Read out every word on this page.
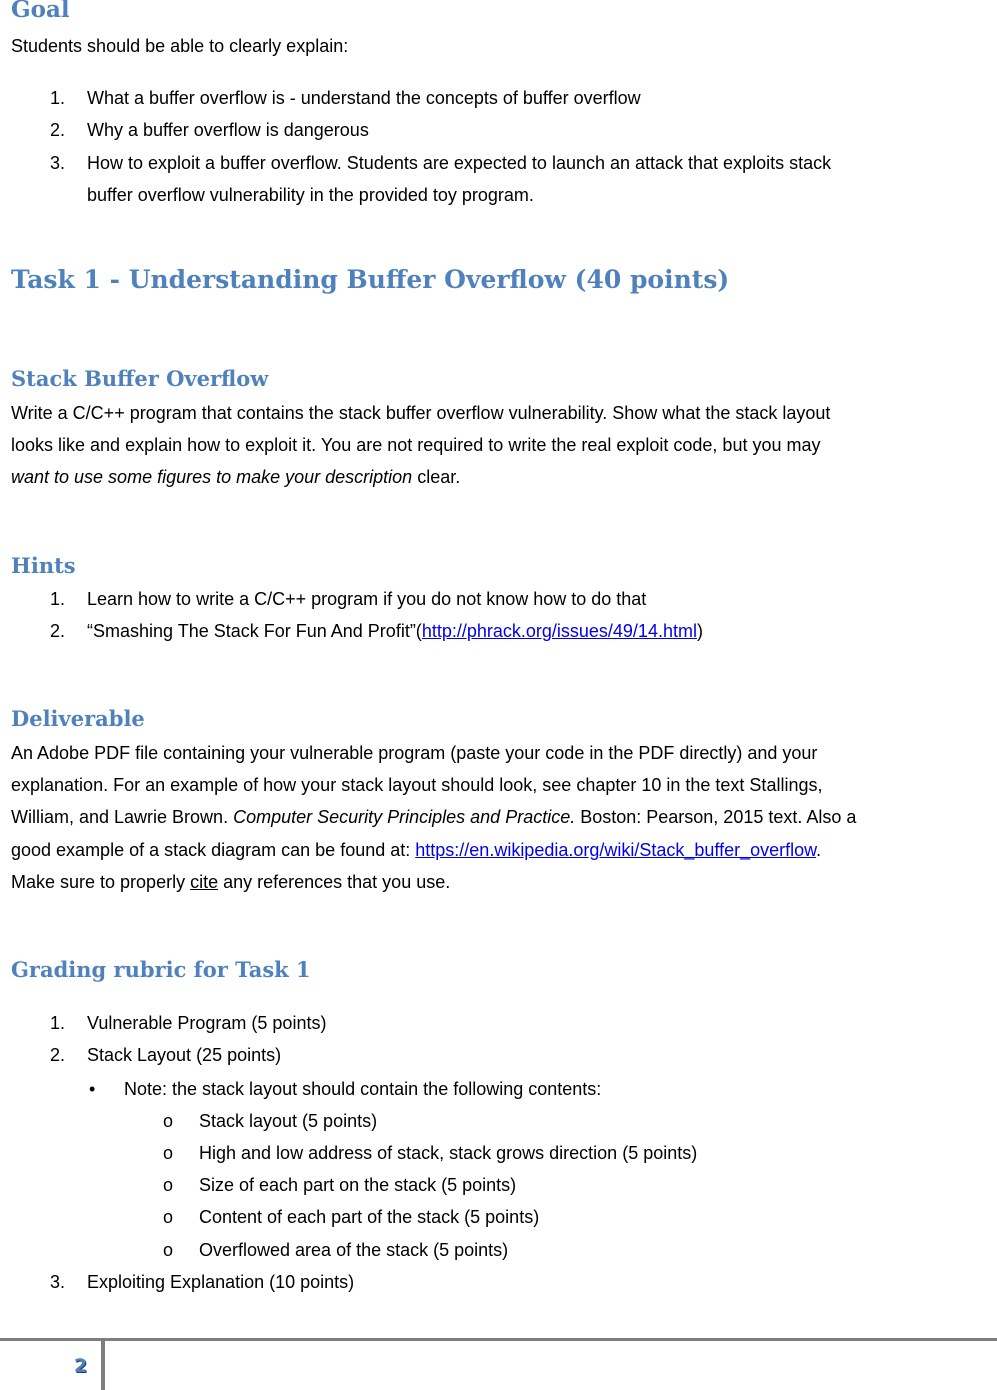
Goal

Students should be able to clearly explain:

1. What a buffer overflow is - understand the concepts of buffer overflow
2. Why a buffer overflow is dangerous
3. How to exploit a buffer overflow. Students are expected to launch an attack that exploits stack
buffer overflow vulnerability in the provided toy program.
Task 1 - Understanding Buffer Overflow (40 points)
Stack Buffer Overflow

Write a C/C++ program that contains the stack buffer overflow vulnerability. Show what the stack layout

looks like and explain how to exploit it. You are not required to write the real exploit code, but you may

want to use some figures to make your description clear.

Hints
1. Learn how to write a C/C++ program if you do not know how to do that
2. “Smashing The Stack For Fun And Profit”(http://phrack.org/issues/49/14.html)
Deliverable

An Adobe PDF file containing your vulnerable program (paste your code in the PDF directly) and your

explanation. For an example of how your stack layout should look, see chapter 10 in the text Stallings,

William, and Lawrie Brown. Computer Security Principles and Practice. Boston: Pearson, 2015 text. Also a

good example of a stack diagram can be found at: https://en.wikipedia.org/wiki/Stack_buffer_overflow.

Make sure to properly cite any references that you use.

Grading rubric for Task 1
1. Vulnerable Program (5 points)
2. Stack Layout (25 points)
• Note: the stack layout should contain the following contents:
o Stack layout (5 points)
o High and low address of stack, stack grows direction (5 points)
o Size of each part on the stack (5 points)
o Content of each part of the stack (5 points)
o Overflowed area of the stack (5 points)
3. Exploiting Explanation (10 points)
2
